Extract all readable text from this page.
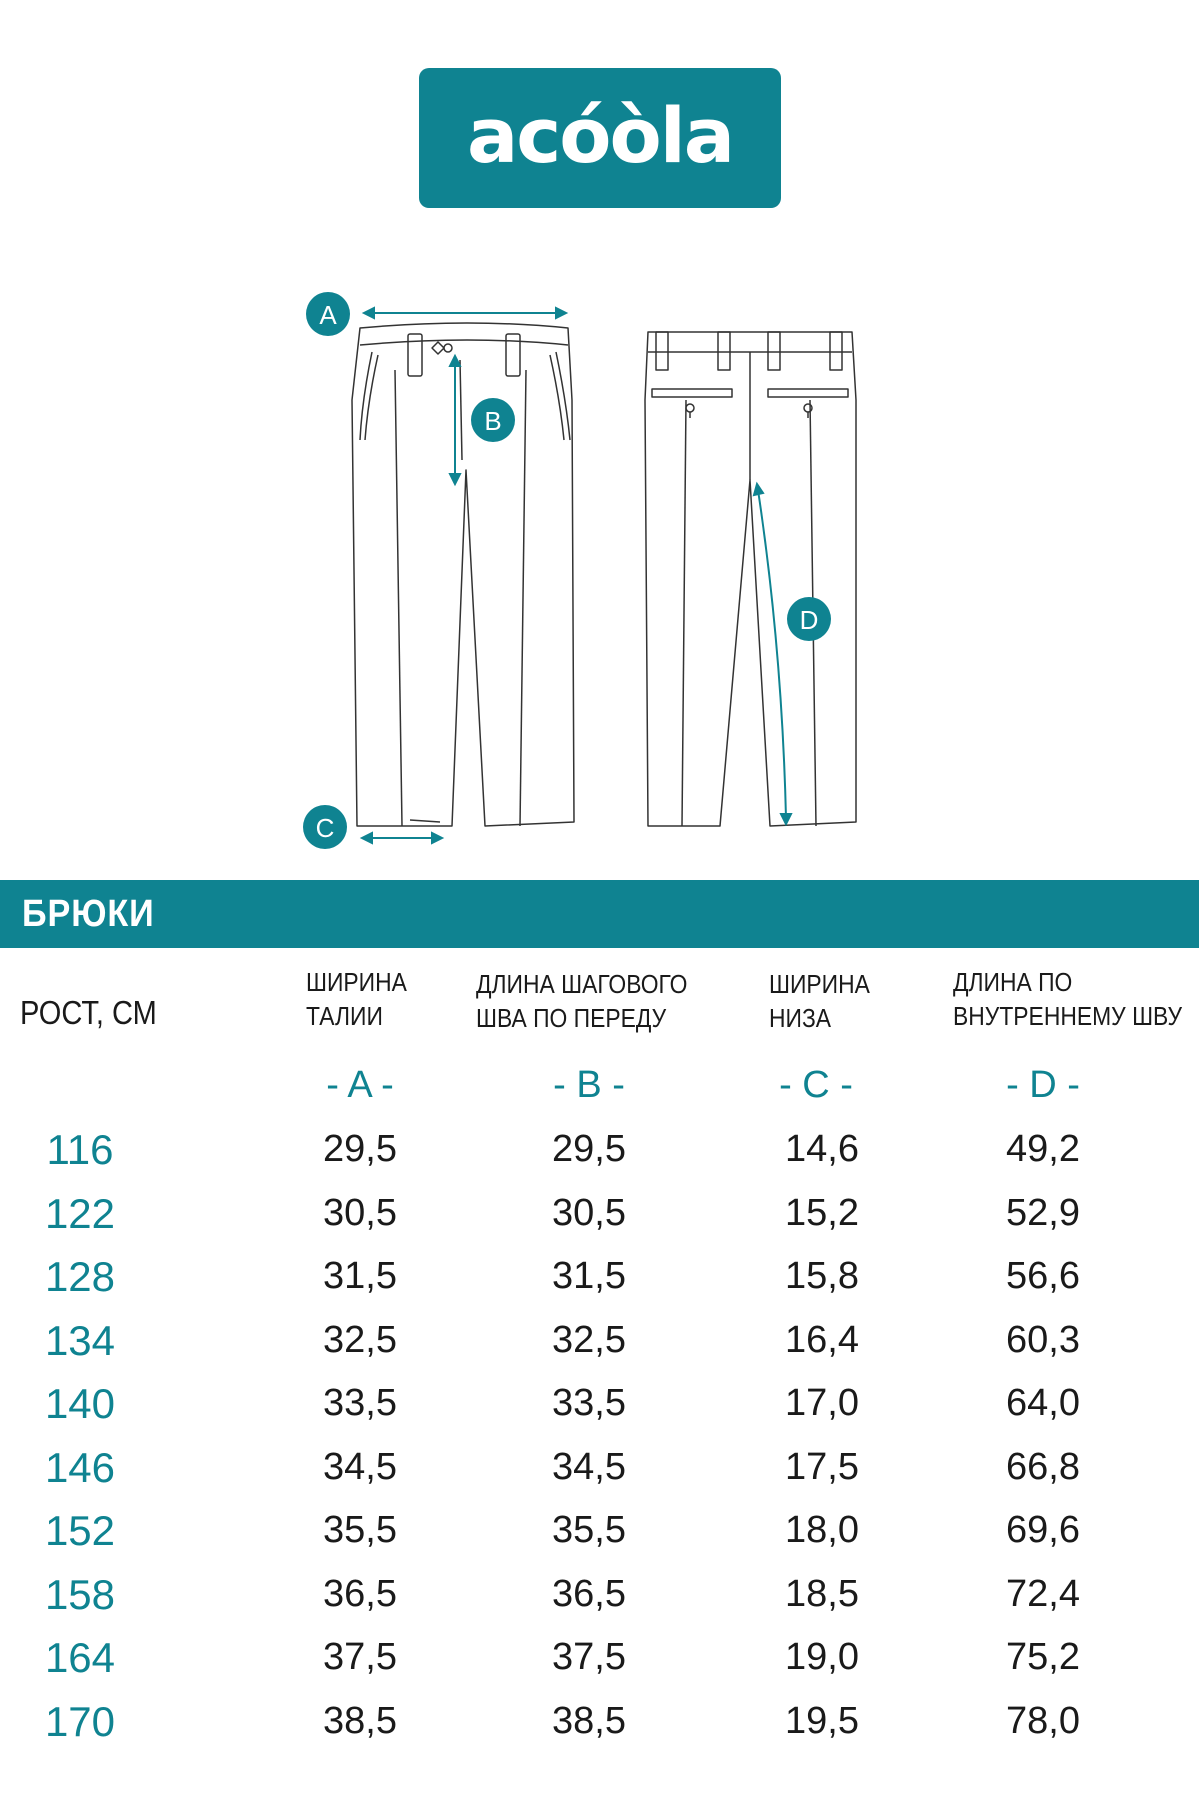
acóòla
A
B
C
D
БРЮКИ
РОСТ, СМ
ШИРИНА
ТАЛИИ
ДЛИНА ШАГОВОГО
ШВА ПО ПЕРЕДУ
ШИРИНА
НИЗА
ДЛИНА ПО
ВНУТРЕННЕМУ ШВУ
- A -	- B -	- C -	- D -
116	29,5	29,5	14,6	49,2
122	30,5	30,5	15,2	52,9
128	31,5	31,5	15,8	56,6
134	32,5	32,5	16,4	60,3
140	33,5	33,5	17,0	64,0
146	34,5	34,5	17,5	66,8
152	35,5	35,5	18,0	69,6
158	36,5	36,5	18,5	72,4
164	37,5	37,5	19,0	75,2
170	38,5	38,5	19,5	78,0
